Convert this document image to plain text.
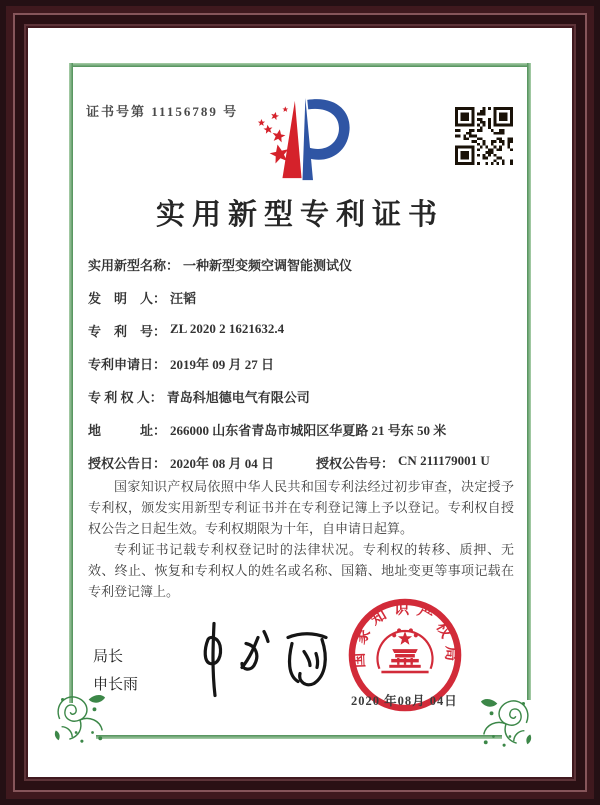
证书号第 11156789 号
实用新型专利证书
实用新型名称： 一种新型变频空调智能测试仪
发　明　人： 汪韬
专　利　号： ZL 2020 2 1621632.4
专利申请日： 2019年 09 月 27 日
专 利 权 人： 青岛科旭德电气有限公司
地　　　址： 266000 山东省青岛市城阳区华夏路 21 号东 50 米
授权公告日： 2020年 08 月 04 日	授权公告号： CN 211179001 U

国家知识产权局依照中华人民共和国专利法经过初步审查，决定授予专利权，颁发实用新型专利证书并在专利登记簿上予以登记。专利权自授权公告之日起生效。专利权期限为十年，自申请日起算。

专利证书记载专利权登记时的法律状况。专利权的转移、质押、无效、终止、恢复和专利权人的姓名或名称、国籍、地址变更等事项记载在专利登记簿上。

局长
申长雨
国家知识产权局
2020 年08月 04日
